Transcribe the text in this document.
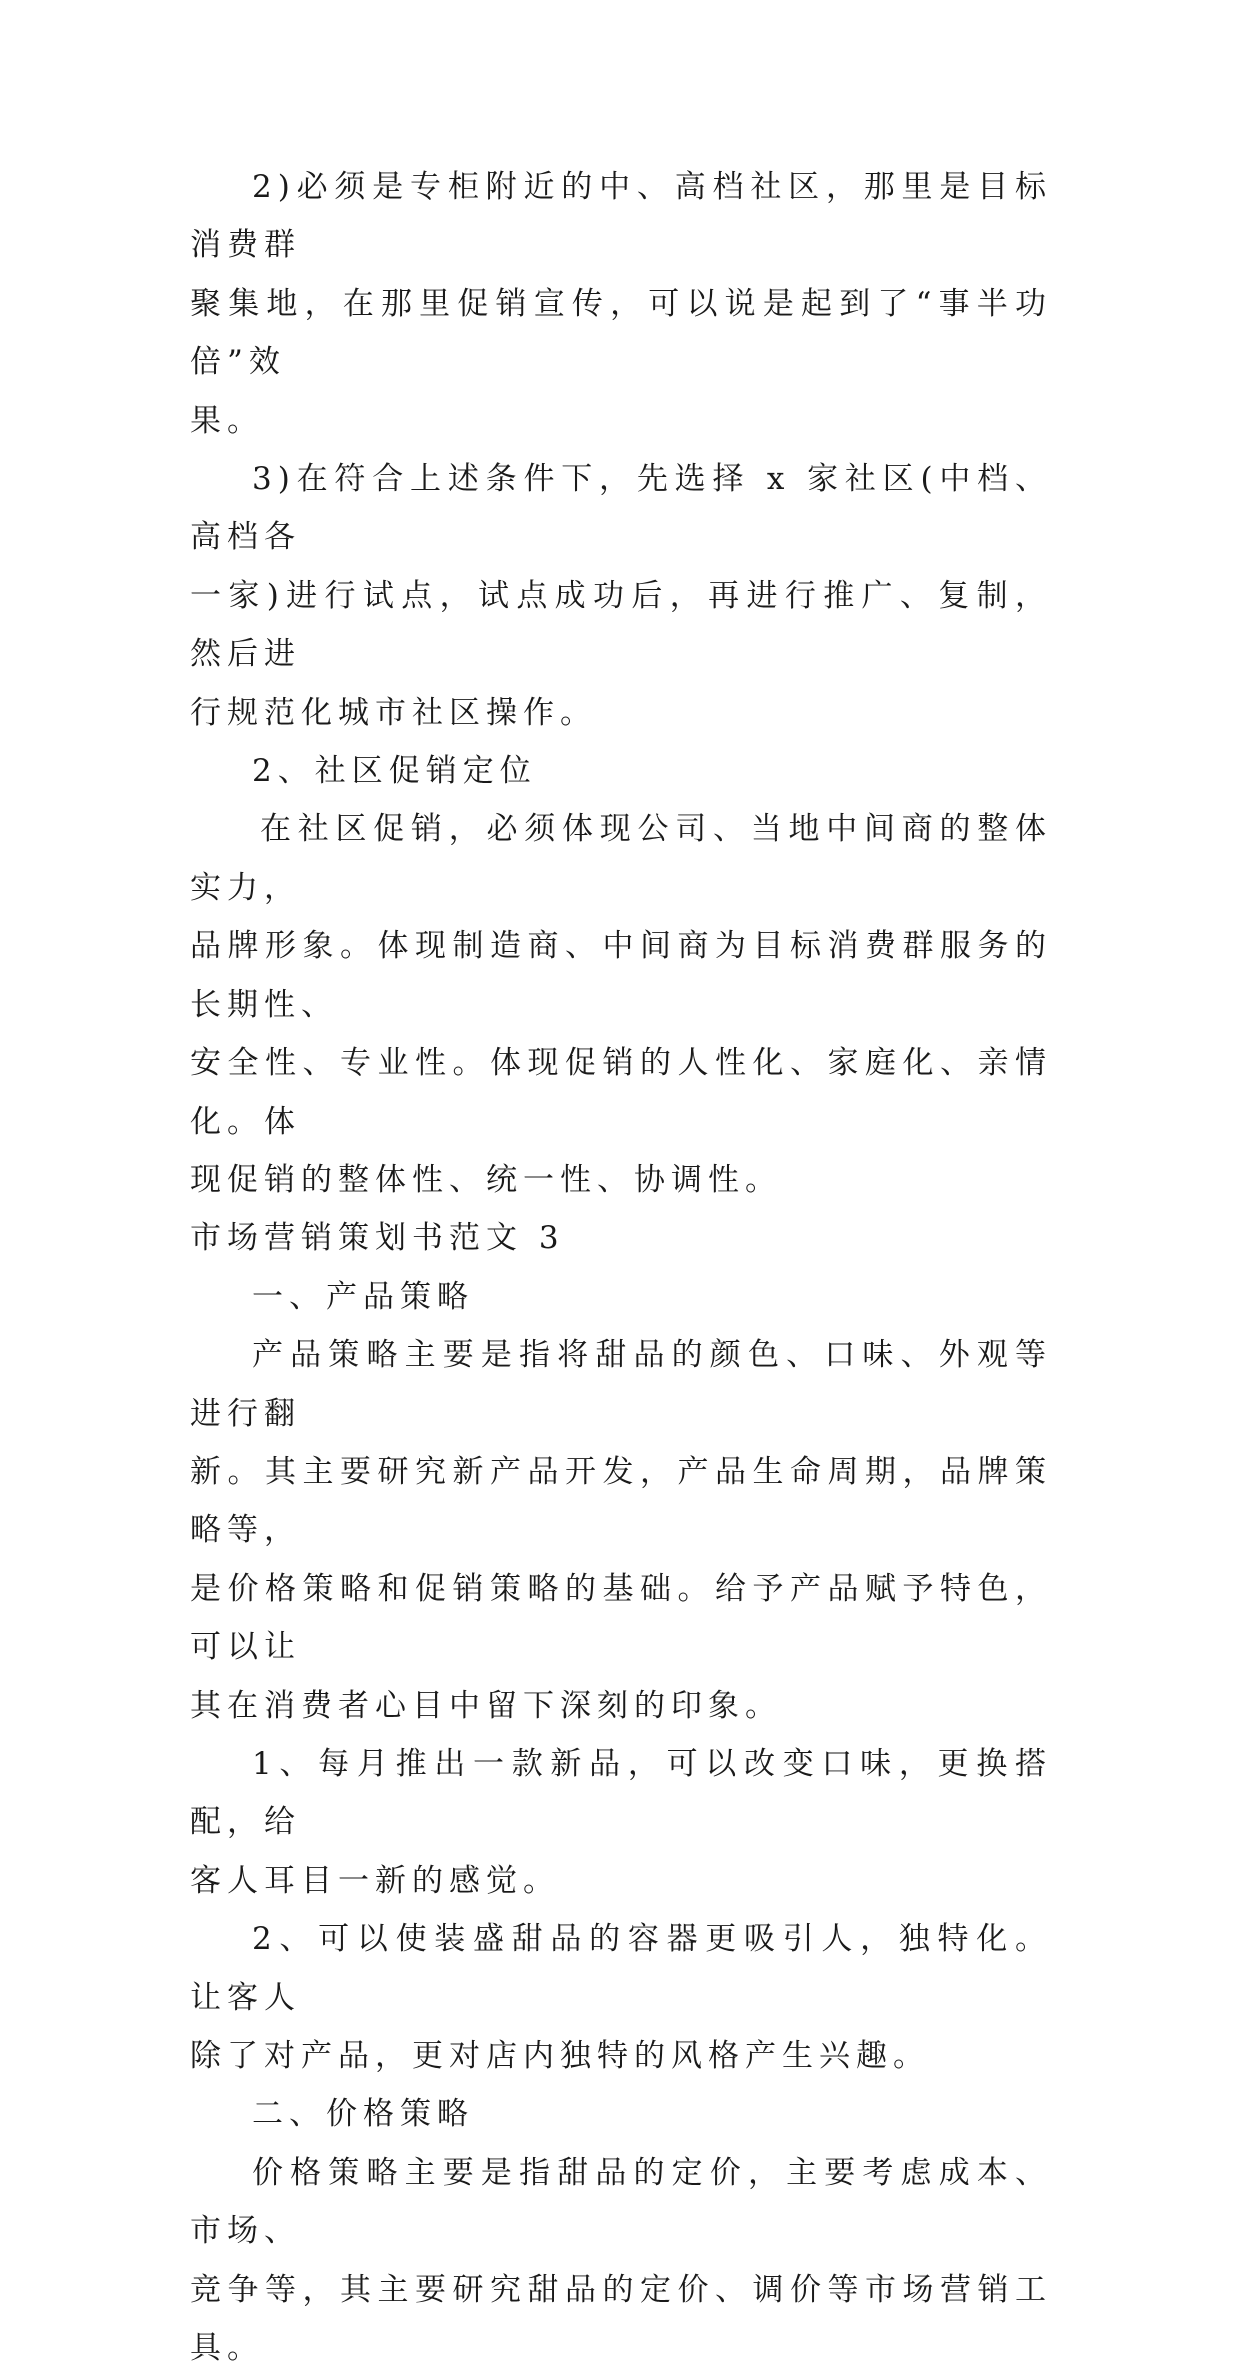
2)必须是专柜附近的中、高档社区，那里是目标消费群
聚集地，在那里促销宣传，可以说是起到了“事半功倍”效
果。
3)在符合上述条件下，先选择 x 家社区(中档、高档各
一家)进行试点，试点成功后，再进行推广、复制，然后进
行规范化城市社区操作。
2、社区促销定位
在社区促销，必须体现公司、当地中间商的整体实力，
品牌形象。体现制造商、中间商为目标消费群服务的长期性、
安全性、专业性。体现促销的人性化、家庭化、亲情化。体
现促销的整体性、统一性、协调性。
市场营销策划书范文 3
一、产品策略
产品策略主要是指将甜品的颜色、口味、外观等进行翻
新。其主要研究新产品开发，产品生命周期，品牌策略等，
是价格策略和促销策略的基础。给予产品赋予特色，可以让
其在消费者心目中留下深刻的印象。
1、每月推出一款新品，可以改变口味，更换搭配，给
客人耳目一新的感觉。
2、可以使装盛甜品的容器更吸引人，独特化。让客人
除了对产品，更对店内独特的风格产生兴趣。
二、价格策略
价格策略主要是指甜品的定价，主要考虑成本、市场、
竞争等，其主要研究甜品的定价、调价等市场营销工具。
